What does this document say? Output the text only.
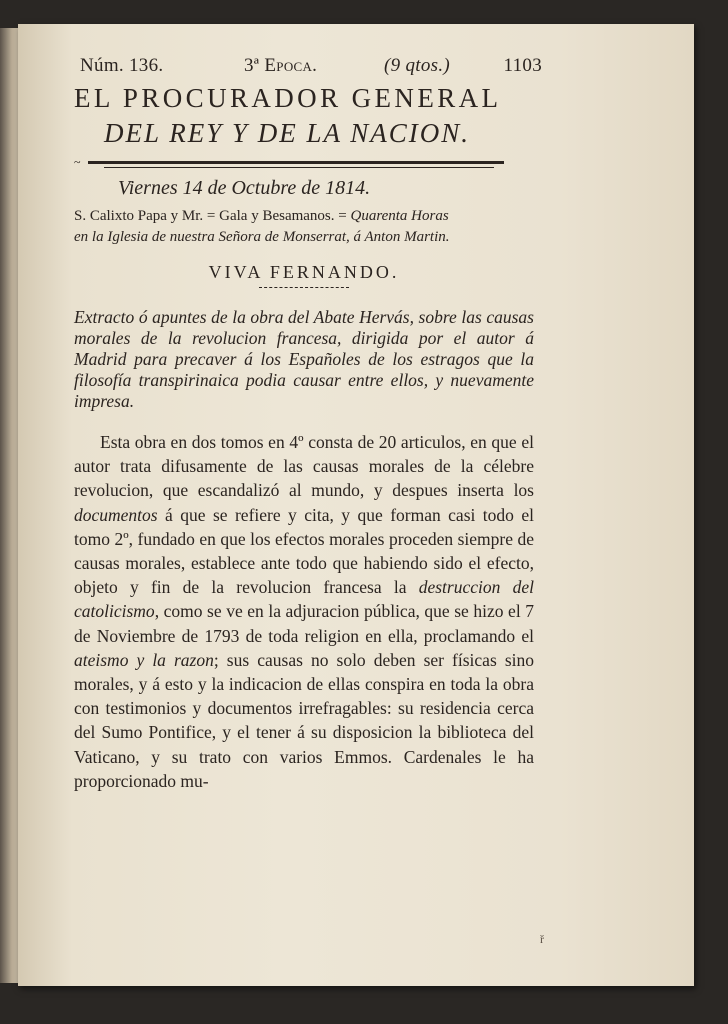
Núm. 136.	3ª Epoca.	(9 qtos.)	1103
EL PROCURADOR GENERAL
DEL REY Y DE LA NACION.
~
Viernes 14 de Octubre de 1814.
S. Calixto Papa y Mr. = Gala y Besamanos. = Quarenta Horas
en la Iglesia de nuestra Señora de Monserrat, á Anton Martin.
VIVA FERNANDO.
Extracto ó apuntes de la obra del Abate Hervás, sobre las causas morales de la revolucion francesa, dirigida por el autor á Madrid para precaver á los Españoles de los estragos que la filosofía transpirinaica podia causar entre ellos, y nuevamente impresa.
Esta obra en dos tomos en 4º consta de 20 articulos, en que el autor trata difusamente de las causas morales de la célebre revolucion, que escandalizó al mundo, y despues inserta los documentos á que se refiere y cita, y que forman casi todo el tomo 2º, fundado en que los efectos morales proceden siempre de causas morales, establece ante todo que habiendo sido el efecto, objeto y fin de la revolucion francesa la destruccion del catolicismo, como se ve en la adjuracion pública, que se hizo el 7 de Noviembre de 1793 de toda religion en ella, proclamando el ateismo y la razon; sus causas no solo deben ser físicas sino morales, y á esto y la indicacion de ellas conspira en toda la obra con testimonios y documentos irrefragables: su residencia cerca del Sumo Pontifice, y el tener á su disposicion la biblioteca del Vaticano, y su trato con varios Emmos. Cardenales le ha proporcionado mu-
ř
